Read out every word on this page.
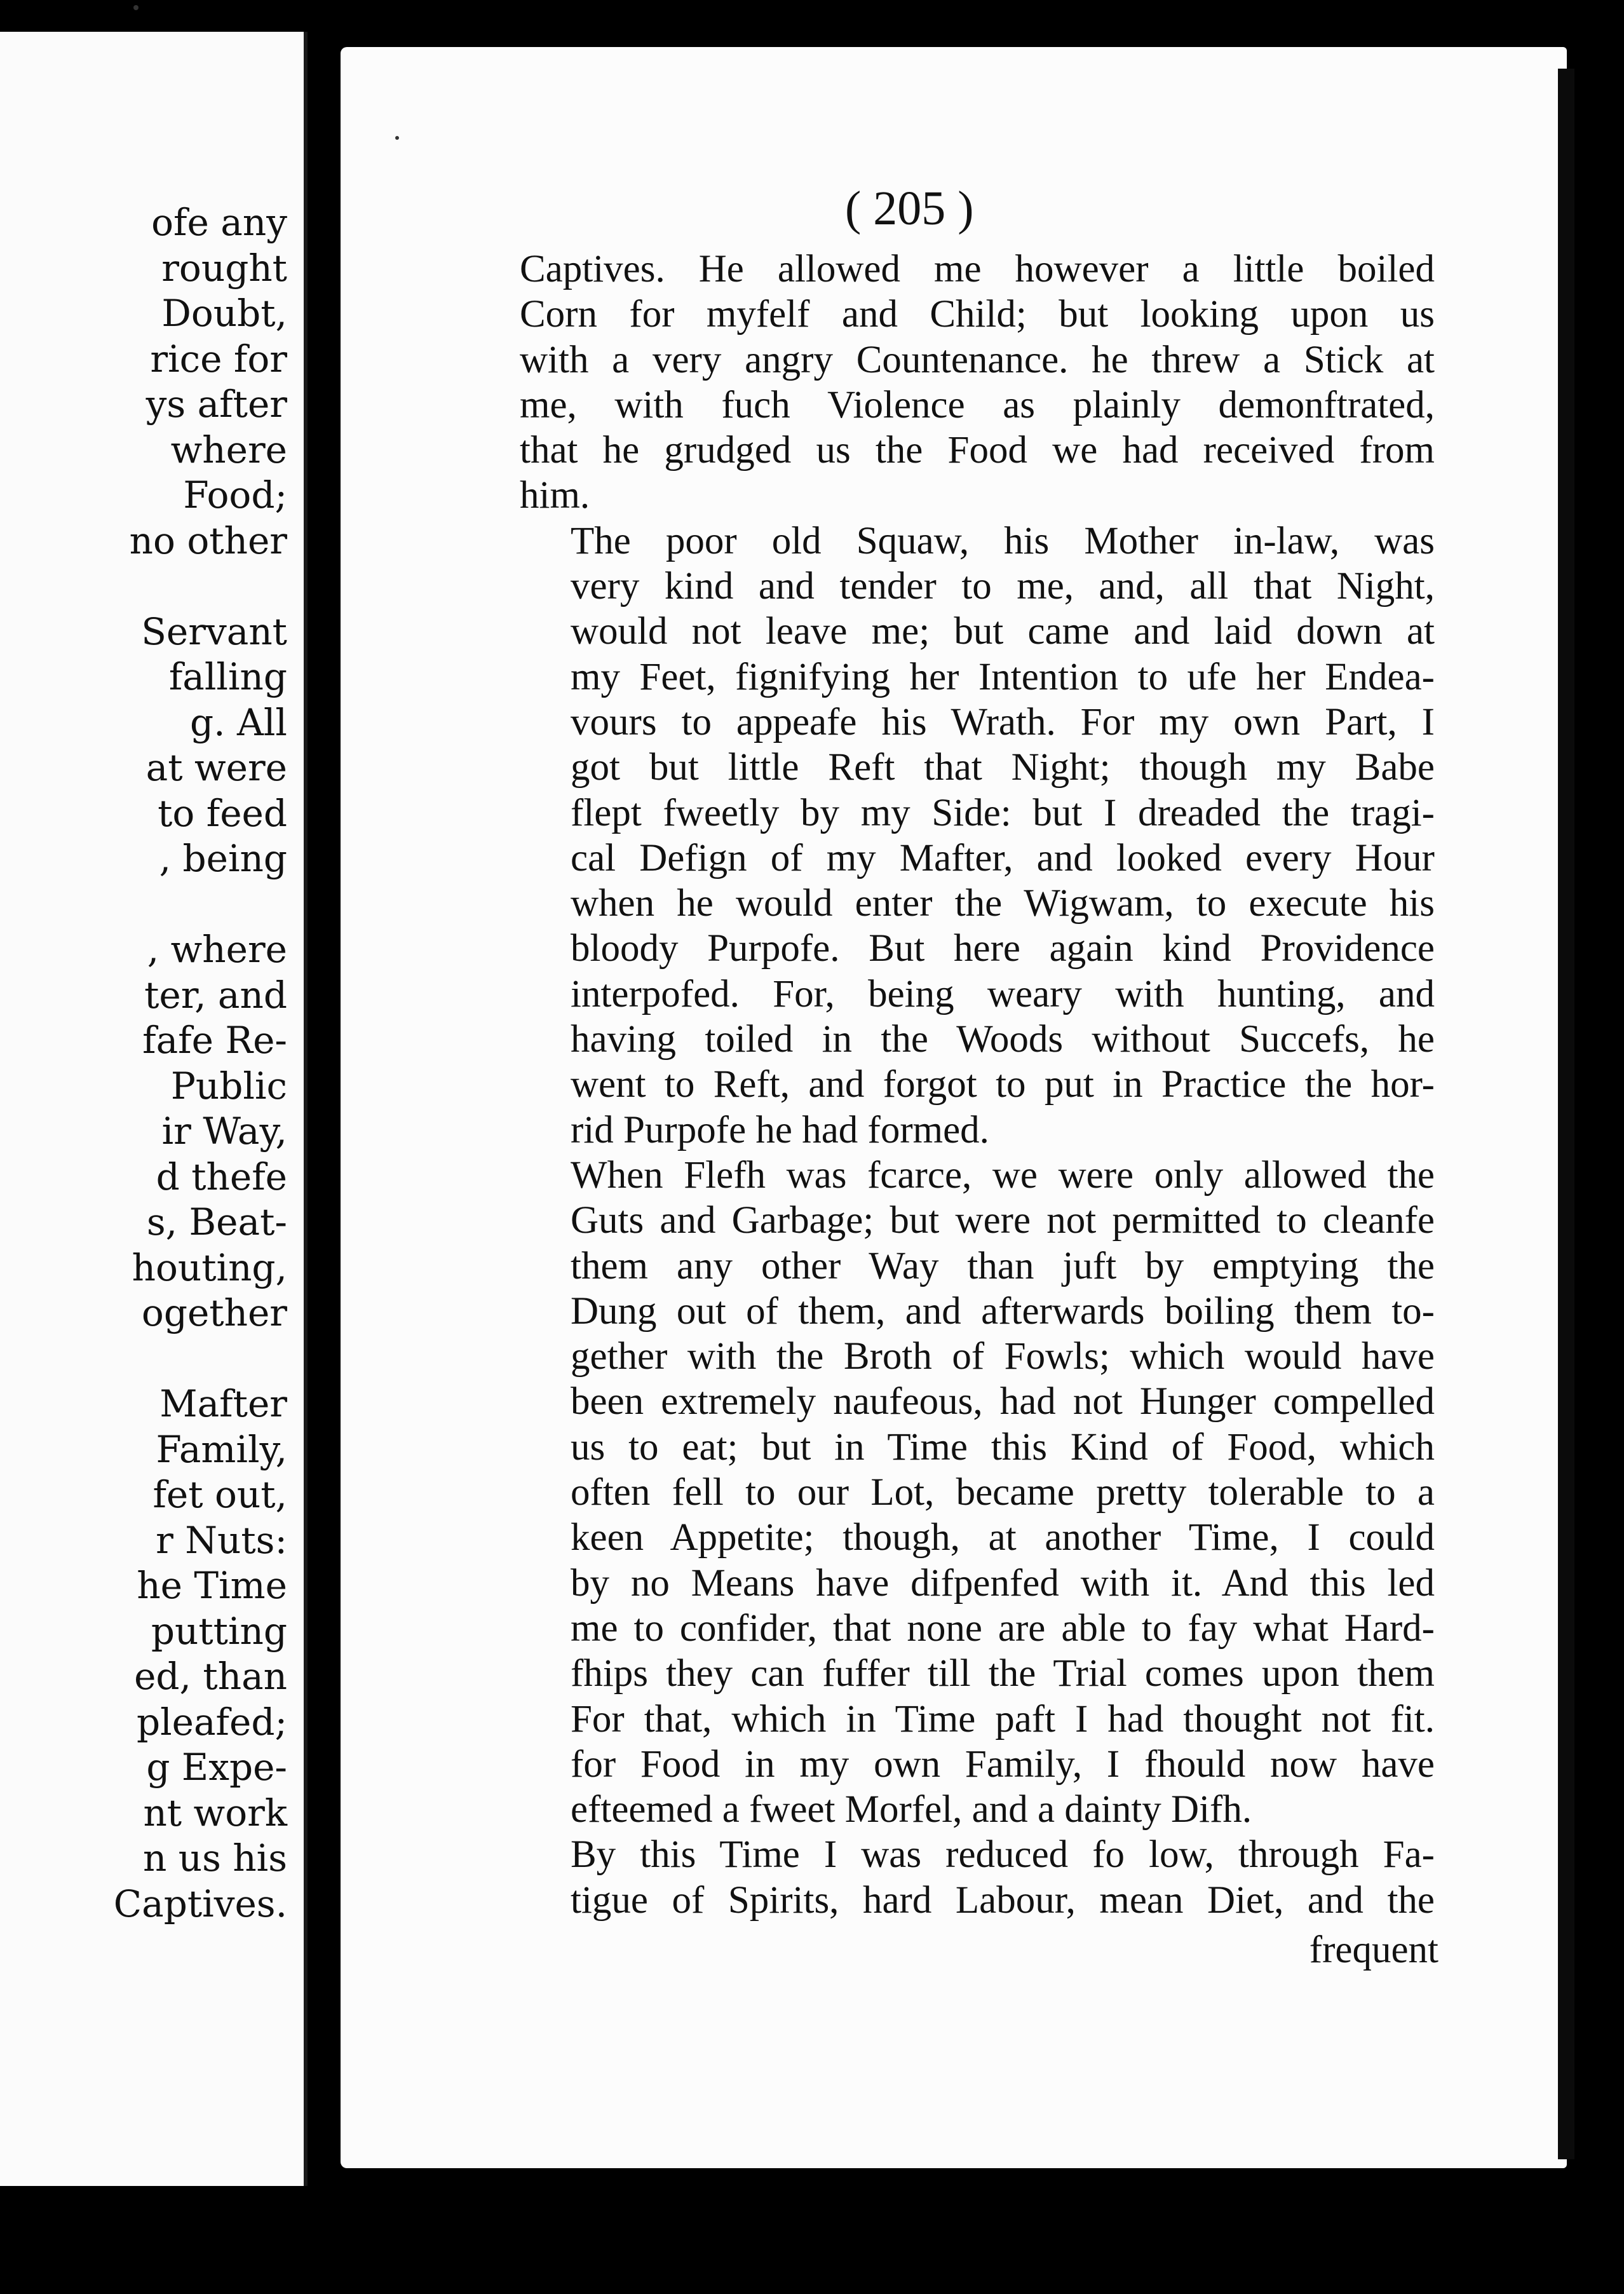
ofe any
rought
Doubt,
rice for
ys after
where
Food;
no other
Servant
falling
g. All
at were
to feed
, being
, where
ter, and
fafe Re-
Public
ir Way,
d thefe
s, Beat-
houting,
ogether
Mafter
Family,
fet out,
r Nuts:
he Time
putting
ed, than
pleafed;
g Expe-
nt work
n us his
Captives.
( 205 )

Captives. He allowed me however a little boiled
Corn for myfelf and Child; but looking upon us
with a very angry Countenance. he threw a Stick at
me, with fuch Violence as plainly demonftrated,
that he grudged us the Food we had received from
him.

The poor old Squaw, his Mother in-law, was
very kind and tender to me, and, all that Night,
would not leave me; but came and laid down at
my Feet, fignifying her Intention to ufe her Endea-
vours to appeafe his Wrath. For my own Part, I
got but little Reft that Night; though my Babe
flept fweetly by my Side: but I dreaded the tragi-
cal Defign of my Mafter, and looked every Hour
when he would enter the Wigwam, to execute his
bloody Purpofe. But here again kind Providence
interpofed. For, being weary with hunting, and
having toiled in the Woods without Succefs, he
went to Reft, and forgot to put in Practice the hor-
rid Purpofe he had formed.

When Flefh was fcarce, we were only allowed the
Guts and Garbage; but were not permitted to cleanfe
them any other Way than juft by emptying the
Dung out of them, and afterwards boiling them to-
gether with the Broth of Fowls; which would have
been extremely naufeous, had not Hunger compelled
us to eat; but in Time this Kind of Food, which
often fell to our Lot, became pretty tolerable to a
keen Appetite; though, at another Time, I could
by no Means have difpenfed with it. And this led
me to confider, that none are able to fay what Hard-
fhips they can fuffer till the Trial comes upon them
For that, which in Time paft I had thought not fit.
for Food in my own Family, I fhould now have
efteemed a fweet Morfel, and a dainty Difh.

By this Time I was reduced fo low, through Fa-
tigue of Spirits, hard Labour, mean Diet, and the

frequent
